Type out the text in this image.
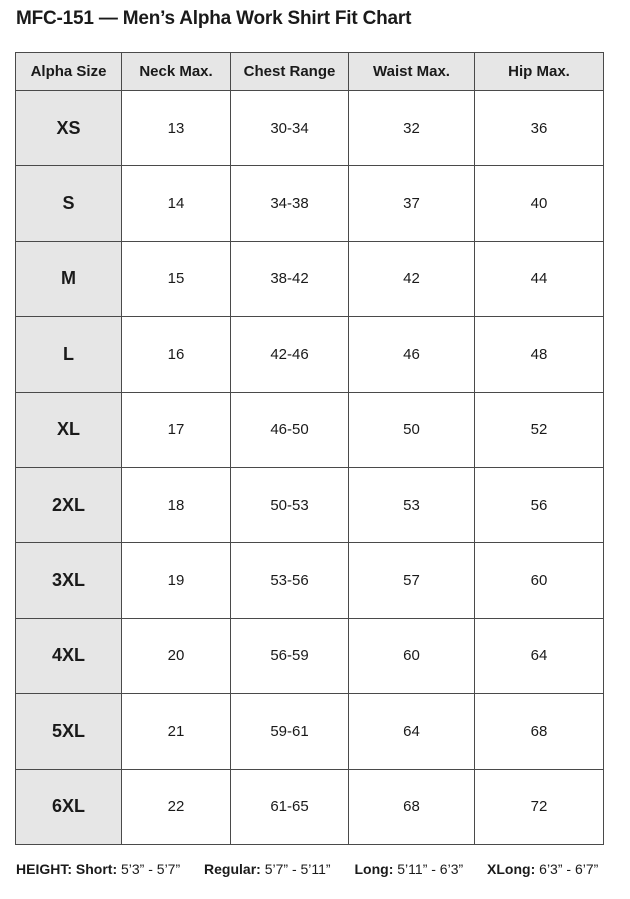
MFC-151 — Men’s Alpha Work Shirt Fit Chart
Alpha Size	Neck Max.	Chest Range	Waist Max.	Hip Max.
XS	13	30-34	32	36
S	14	34-38	37	40
M	15	38-42	42	44
L	16	42-46	46	48
XL	17	46-50	50	52
2XL	18	50-53	53	56
3XL	19	53-56	57	60
4XL	20	56-59	60	64
5XL	21	59-61	64	68
6XL	22	61-65	68	72
HEIGHT: Short: 5’3” - 5’7” Regular: 5’7” - 5’11” Long: 5’11” - 6’3” XLong: 6’3” - 6’7”
